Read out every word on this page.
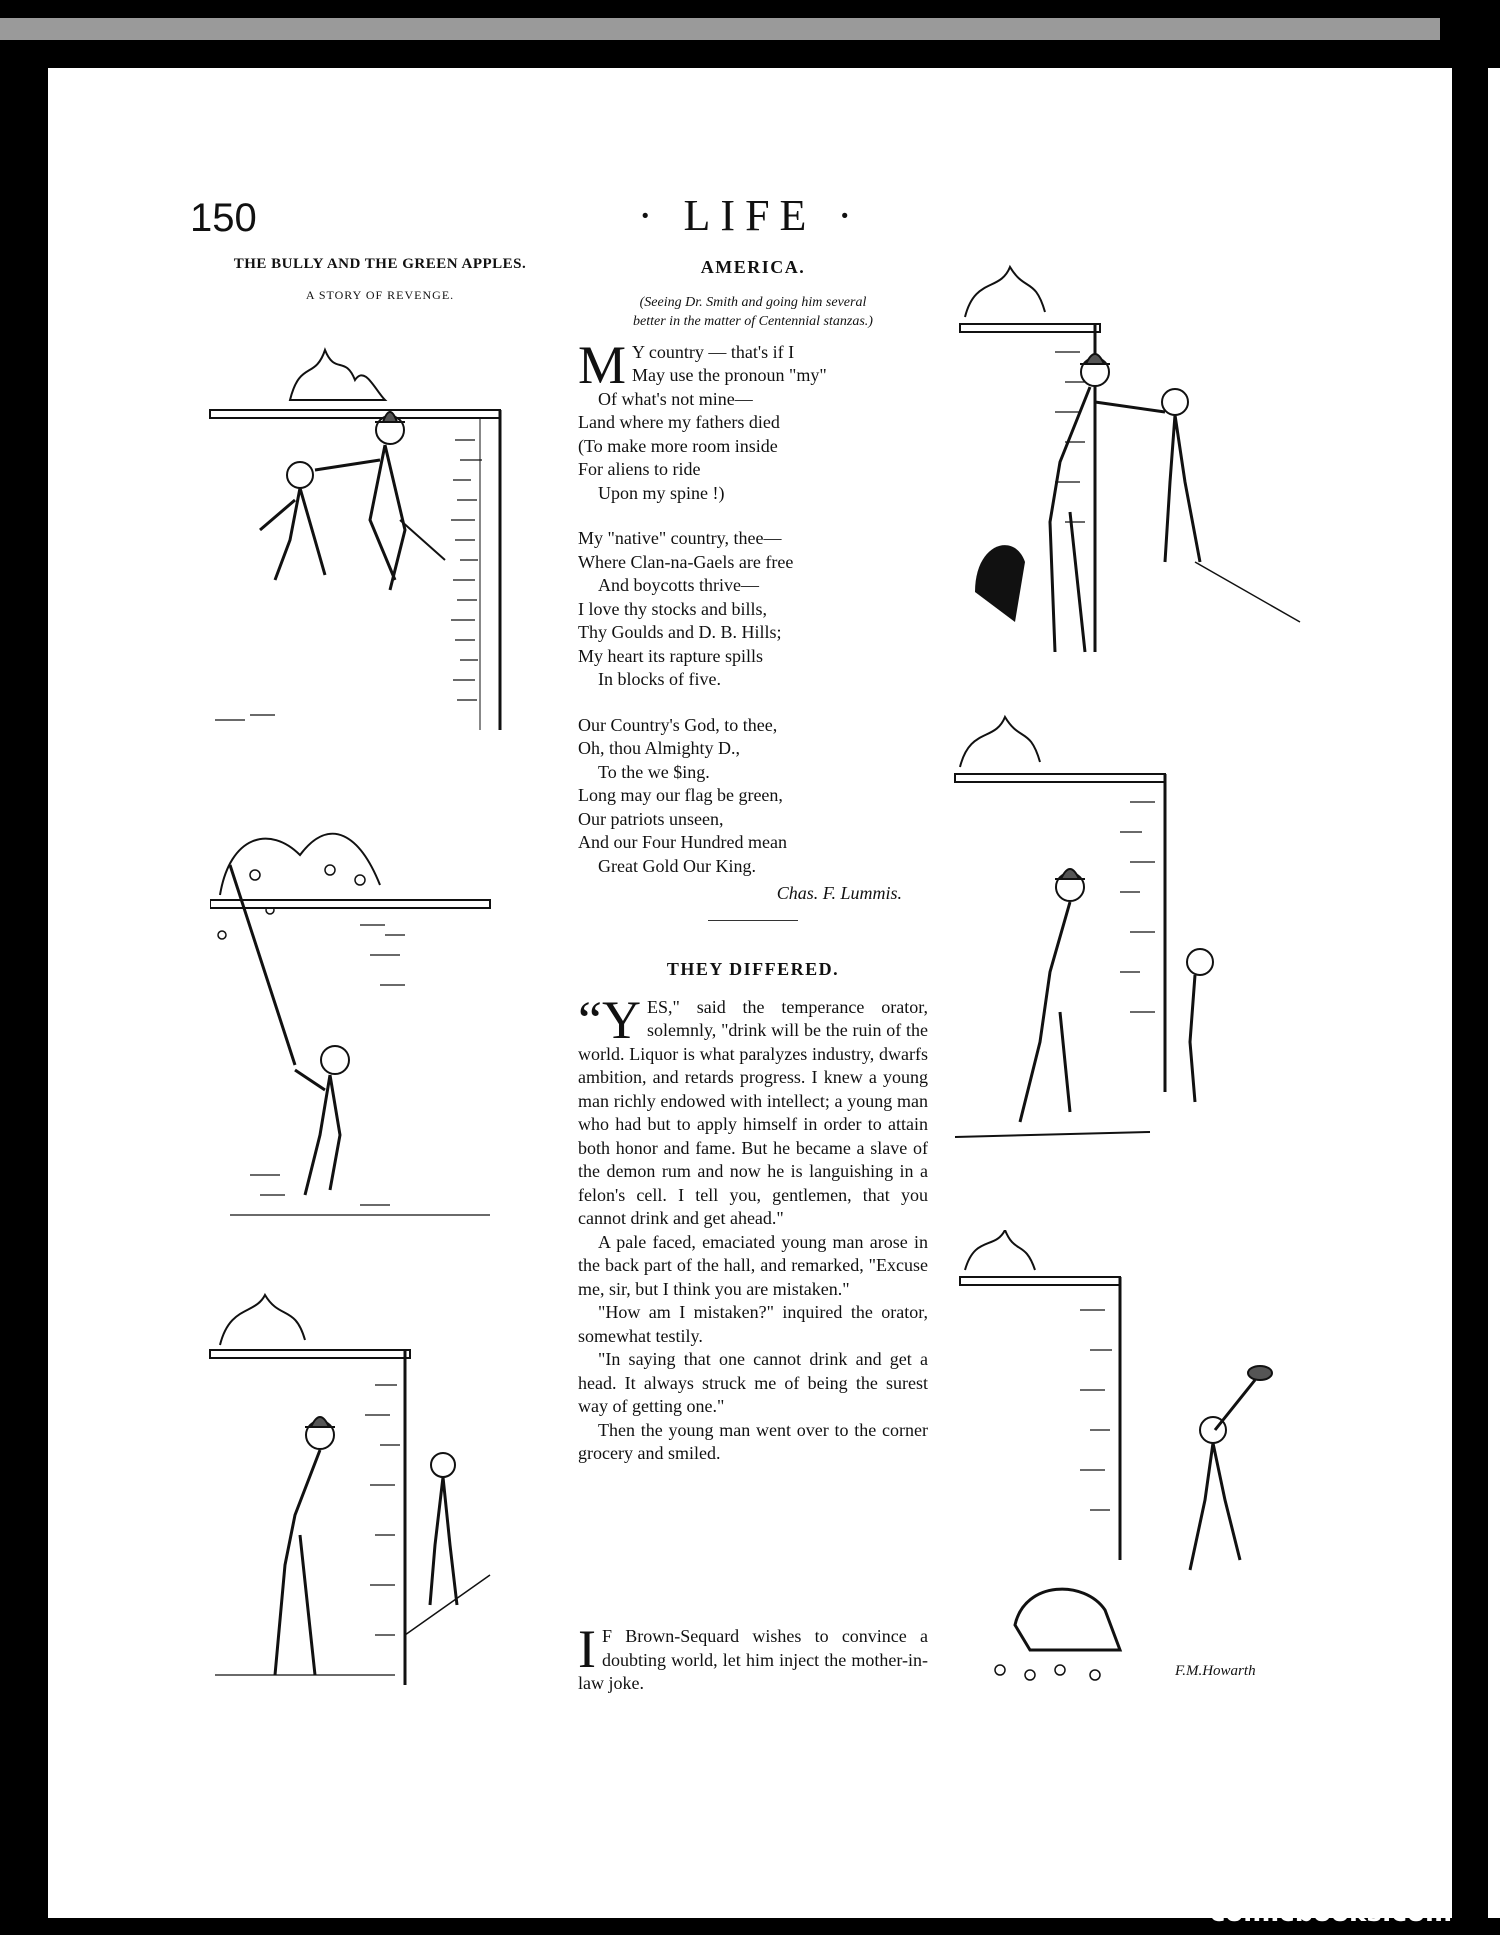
150	· LIFE ·
THE BULLY AND THE GREEN APPLES.
A STORY OF REVENGE.
AMERICA.
(Seeing Dr. Smith and going him several
better in the matter of Centennial stanzas.)
M Y country — that's if I
May use the pronoun "my"
Of what's not mine—
Land where my fathers died
(To make more room inside
For aliens to ride
Upon my spine !)
My "native" country, thee—
Where Clan-na-Gaels are free
And boycotts thrive—
I love thy stocks and bills,
Thy Goulds and D. B. Hills;
My heart its rapture spills
In blocks of five.
Our Country's God, to thee,
Oh, thou Almighty D.,
To the we $ing.
Long may our flag be green,
Our patriots unseen,
And our Four Hundred mean
Great Gold Our King.
Chas. F. Lummis.
THEY DIFFERED.

“YES," said the temperance orator, solemnly, "drink will be the ruin of the world. Liquor is what paralyzes industry, dwarfs ambition, and retards progress. I knew a young man richly endowed with intellect; a young man who had but to apply himself in order to attain both honor and fame. But he became a slave of the demon rum and now he is languishing in a felon's cell. I tell you, gentlemen, that you cannot drink and get ahead."

A pale faced, emaciated young man arose in the back part of the hall, and remarked, "Excuse me, sir, but I think you are mistaken."

"How am I mistaken?" inquired the orator, somewhat testily.

"In saying that one cannot drink and get a head. It always struck me of being the surest way of getting one."

Then the young man went over to the corner grocery and smiled.

I F Brown-Sequard wishes to convince a doubting world, let him inject the mother-in-law joke.

F.M.Howarth
comicbooks.com
